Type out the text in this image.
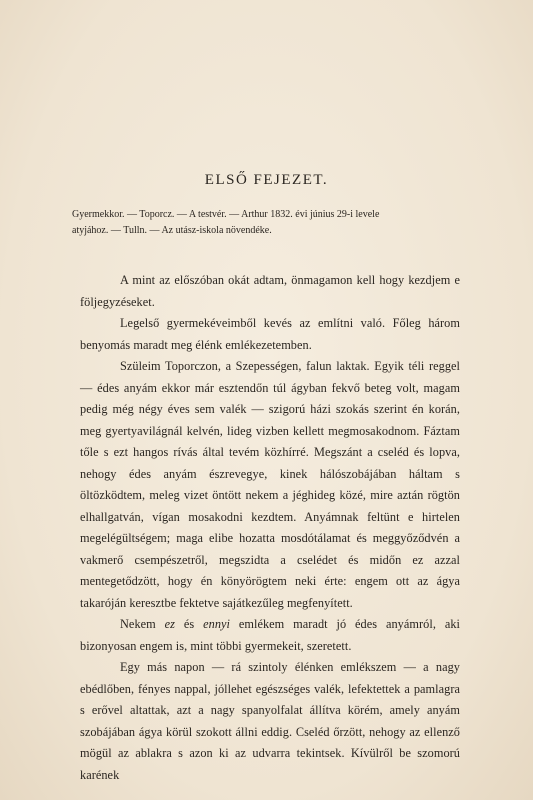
ELSŐ FEJEZET.
Gyermekkor. — Toporcz. — A testvér. — Arthur 1832. évi június 29-i levele
atyjához. — Tulln. — Az utász-iskola növendéke.

A mint az előszóban okát adtam, önmagamon kell hogy kezdjem e följegyzéseket.

Legelső gyermekéveimből kevés az említni való. Főleg három benyomás maradt meg élénk emlékezetemben.

Szüleim Toporczon, a Szepességen, falun laktak. Egyik téli reggel — édes anyám ekkor már esztendőn túl ágyban fekvő beteg volt, magam pedig még négy éves sem valék — szigorú házi szokás szerint én korán, meg gyertyavilágnál kelvén, lideg vizben kellett megmosakodnom. Fáztam tőle s ezt hangos rívás által tevém közhírré. Megszánt a cseléd és lopva, nehogy édes anyám észrevegye, kinek hálószobájában háltam s öltözködtem, meleg vizet öntött nekem a jéghideg közé, mire aztán rögtön elhallgatván, vígan mosakodni kezdtem. Anyámnak feltünt e hirtelen megelégültségem; maga elibe hozatta mosdótálamat és meggyőződvén a vakmerő csempészetről, megszidta a cselédet és midőn ez azzal mentegetődzött, hogy én könyörögtem neki érte: engem ott az ágya takaróján keresztbe fektetve sajátkezűleg megfenyített.

Nekem ez és ennyi emlékem maradt jó édes anyámról, aki bizonyosan engem is, mint többi gyermekeit, szeretett.

Egy más napon — rá szintoly élénken emlékszem — a nagy ebédlőben, fényes nappal, jóllehet egészséges valék, lefektettek a pamlagra s erővel altattak, azt a nagy spanyolfalat állítva körém, amely anyám szobájában ágya körül szokott állni eddig. Cseléd őrzött, nehogy az ellenző mögül az ablakra s azon ki az udvarra tekintsek. Kívülről be szomorú karének
